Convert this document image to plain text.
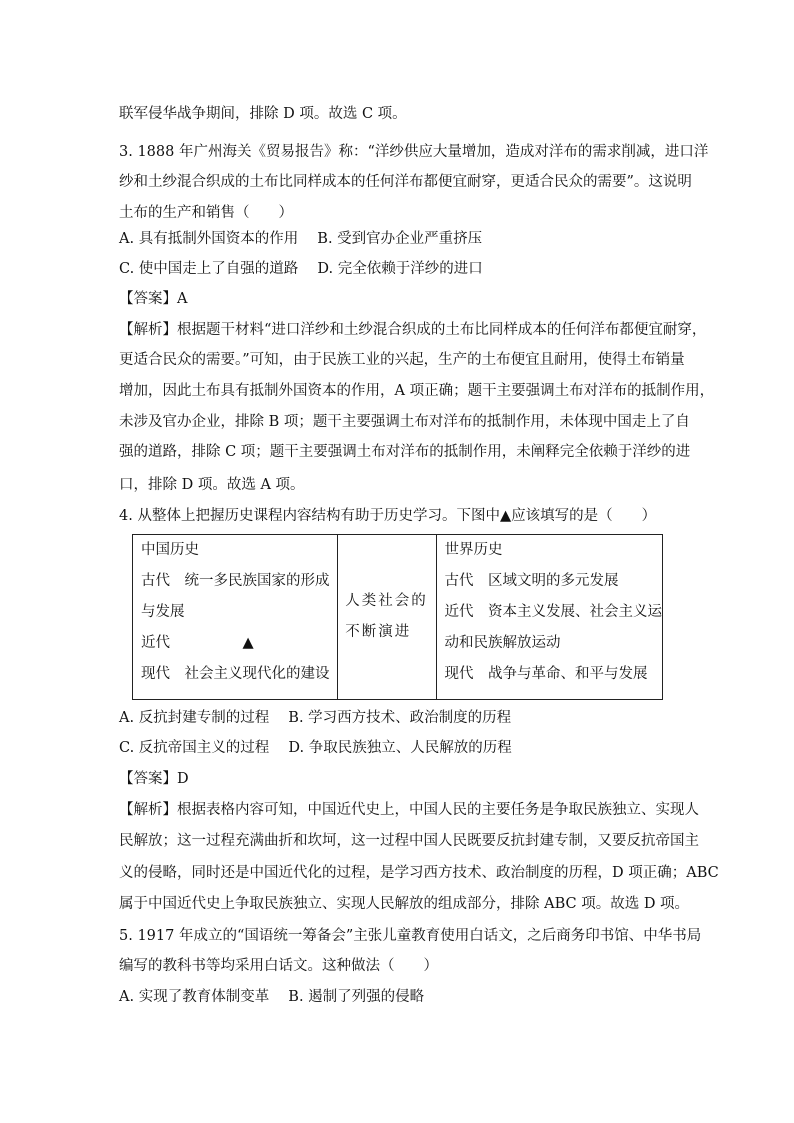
联军侵华战争期间，排除 D 项。故选 C 项。
3. 1888 年广州海关《贸易报告》称：“洋纱供应大量增加，造成对洋布的需求削减，进口洋
纱和土纱混合织成的土布比同样成本的任何洋布都便宜耐穿，更适合民众的需要”。这说明
土布的生产和销售（　　）
A. 具有抵制外国资本的作用　 B. 受到官办企业严重挤压
C. 使中国走上了自强的道路　 D. 完全依赖于洋纱的进口
【答案】A
【解析】根据题干材料“进口洋纱和土纱混合织成的土布比同样成本的任何洋布都便宜耐穿，
更适合民众的需要。”可知，由于民族工业的兴起，生产的土布便宜且耐用，使得土布销量
增加，因此土布具有抵制外国资本的作用，A 项正确；题干主要强调土布对洋布的抵制作用，
未涉及官办企业，排除 B 项；题干主要强调土布对洋布的抵制作用，未体现中国走上了自
强的道路，排除 C 项；题干主要强调土布对洋布的抵制作用，未阐释完全依赖于洋纱的进
口，排除 D 项。故选 A 项。
4. 从整体上把握历史课程内容结构有助于历史学习。下图中▲应该填写的是（　　）
中国历史
古代　统一多民族国家的形成
与发展
近代　　　　　▲
现代　社会主义现代化的建设

人类社会的
不断演进

世界历史
古代　区域文明的多元发展
近代　资本主义发展、社会主义运
动和民族解放运动
现代　战争与革命、和平与发展
A. 反抗封建专制的过程　 B. 学习西方技术、政治制度的历程
C. 反抗帝国主义的过程　 D. 争取民族独立、人民解放的历程
【答案】D
【解析】根据表格内容可知，中国近代史上，中国人民的主要任务是争取民族独立、实现人
民解放；这一过程充满曲折和坎坷，这一过程中国人民既要反抗封建专制，又要反抗帝国主
义的侵略，同时还是中国近代化的过程，是学习西方技术、政治制度的历程，D 项正确；ABC
属于中国近代史上争取民族独立、实现人民解放的组成部分，排除 ABC 项。故选 D 项。
5. 1917 年成立的“国语统一筹备会”主张儿童教育使用白话文，之后商务印书馆、中华书局
编写的教科书等均采用白话文。这种做法（　　）
A. 实现了教育体制变革　 B. 遏制了列强的侵略
